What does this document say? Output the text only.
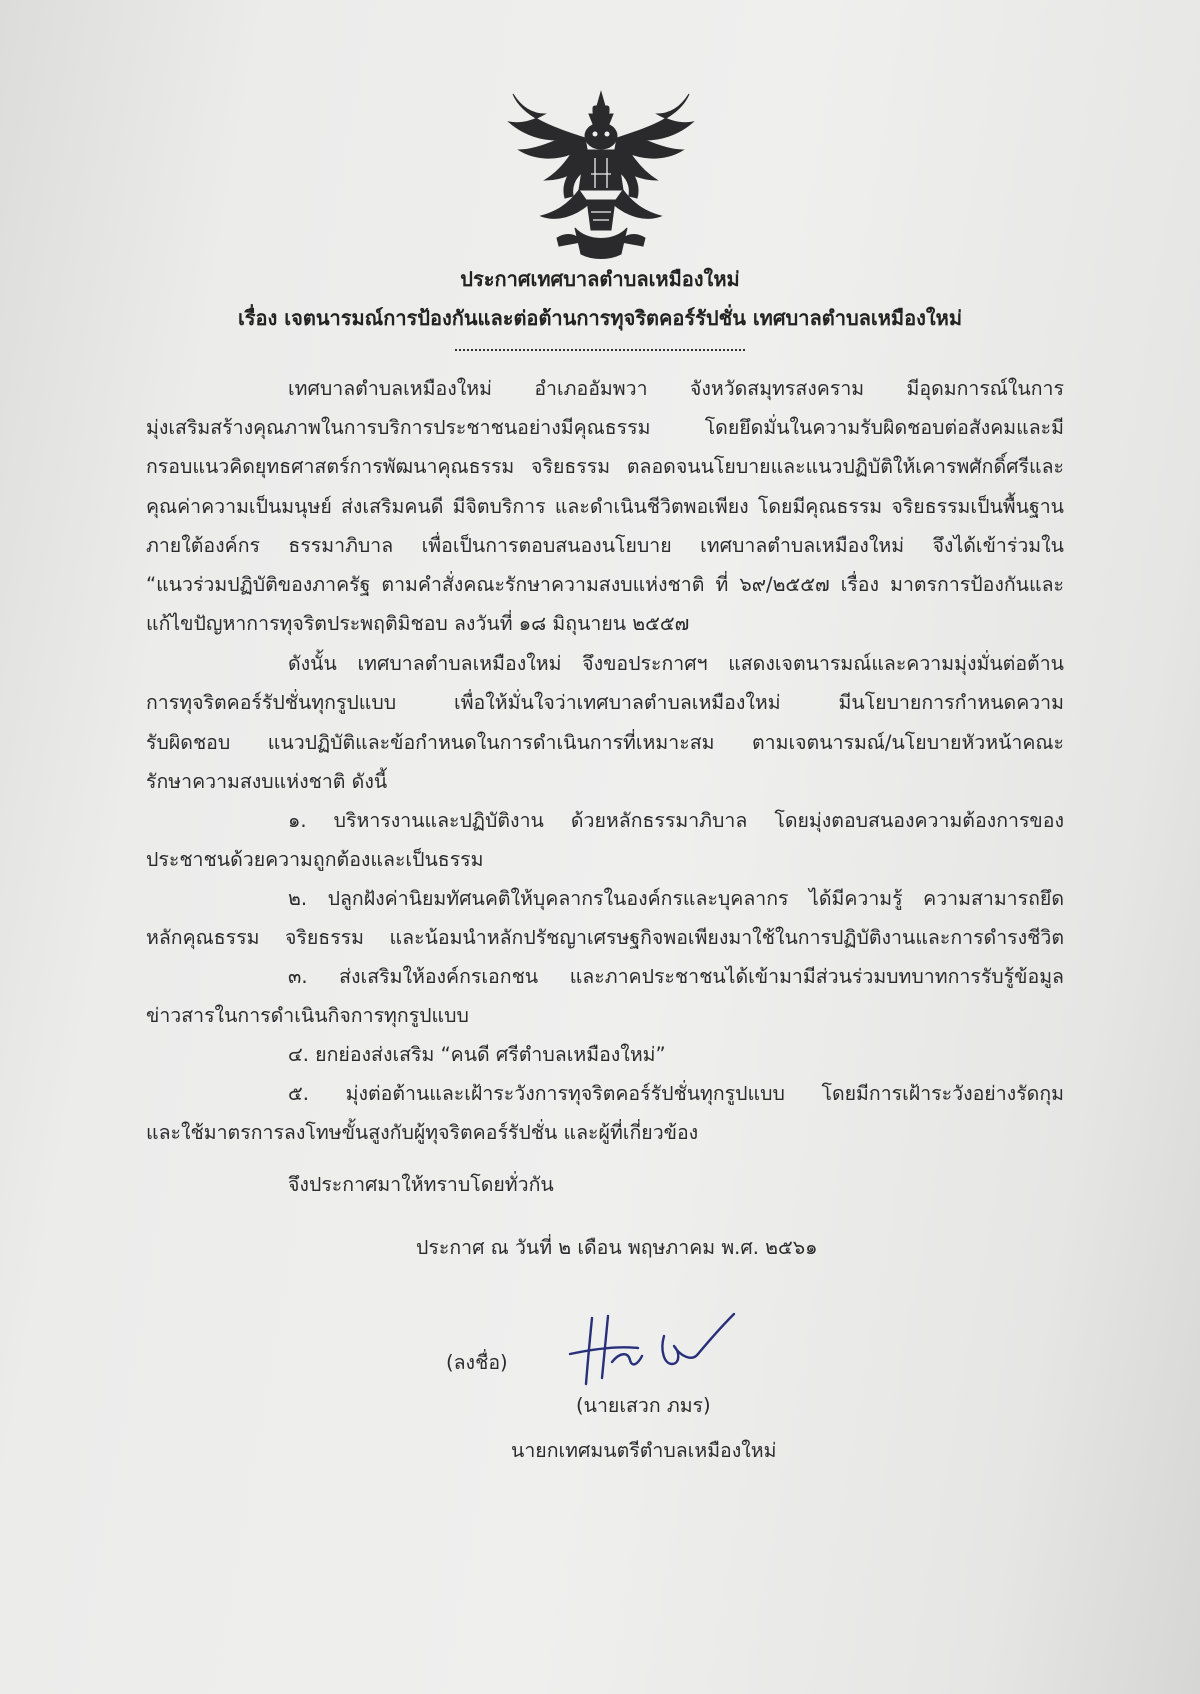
ประกาศเทศบาลตำบลเหมืองใหม่
เรื่อง เจตนารมณ์การป้องกันและต่อต้านการทุจริตคอร์รัปชั่น เทศบาลตำบลเหมืองใหม่
เทศบาลตำบลเหมืองใหม่ อำเภออัมพวา จังหวัดสมุทรสงคราม มีอุดมการณ์ในการ
มุ่งเสริมสร้างคุณภาพในการบริการประชาชนอย่างมีคุณธรรม โดยยึดมั่นในความรับผิดชอบต่อสังคมและมี
กรอบแนวคิดยุทธศาสตร์การพัฒนาคุณธรรม จริยธรรม ตลอดจนนโยบายและแนวปฏิบัติให้เคารพศักดิ์ศรีและ
คุณค่าความเป็นมนุษย์ ส่งเสริมคนดี มีจิตบริการ และดำเนินชีวิตพอเพียง โดยมีคุณธรรม จริยธรรมเป็นพื้นฐาน
ภายใต้องค์กร ธรรมาภิบาล เพื่อเป็นการตอบสนองนโยบาย เทศบาลตำบลเหมืองใหม่ จึงได้เข้าร่วมใน
“แนวร่วมปฏิบัติของภาครัฐ ตามคำสั่งคณะรักษาความสงบแห่งชาติ ที่ ๖๙/๒๕๕๗ เรื่อง มาตรการป้องกันและ
แก้ไขปัญหาการทุจริตประพฤติมิชอบ ลงวันที่ ๑๘ มิถุนายน ๒๕๕๗
ดังนั้น เทศบาลตำบลเหมืองใหม่ จึงขอประกาศฯ แสดงเจตนารมณ์และความมุ่งมั่นต่อต้าน
การทุจริตคอร์รัปชั่นทุกรูปแบบ เพื่อให้มั่นใจว่าเทศบาลตำบลเหมืองใหม่ มีนโยบายการกำหนดความ
รับผิดชอบ แนวปฏิบัติและข้อกำหนดในการดำเนินการที่เหมาะสม ตามเจตนารมณ์/นโยบายหัวหน้าคณะ
รักษาความสงบแห่งชาติ ดังนี้
๑. บริหารงานและปฏิบัติงาน ด้วยหลักธรรมาภิบาล โดยมุ่งตอบสนองความต้องการของ
ประชาชนด้วยความถูกต้องและเป็นธรรม
๒. ปลูกฝังค่านิยมทัศนคติให้บุคลากรในองค์กรและบุคลากร ได้มีความรู้ ความสามารถยึด
หลักคุณธรรม จริยธรรม และน้อมนำหลักปรัชญาเศรษฐกิจพอเพียงมาใช้ในการปฏิบัติงานและการดำรงชีวิต
๓. ส่งเสริมให้องค์กรเอกชน และภาคประชาชนได้เข้ามามีส่วนร่วมบทบาทการรับรู้ข้อมูล
ข่าวสารในการดำเนินกิจการทุกรูปแบบ
๔. ยกย่องส่งเสริม “คนดี ศรีตำบลเหมืองใหม่”
๕. มุ่งต่อต้านและเฝ้าระวังการทุจริตคอร์รัปชั่นทุกรูปแบบ โดยมีการเฝ้าระวังอย่างรัดกุม
และใช้มาตรการลงโทษขั้นสูงกับผู้ทุจริตคอร์รัปชั่น และผู้ที่เกี่ยวข้อง
จึงประกาศมาให้ทราบโดยทั่วกัน
ประกาศ ณ วันที่ ๒ เดือน พฤษภาคม พ.ศ. ๒๕๖๑
(ลงชื่อ)
(นายเสวก ภมร)
นายกเทศมนตรีตำบลเหมืองใหม่
